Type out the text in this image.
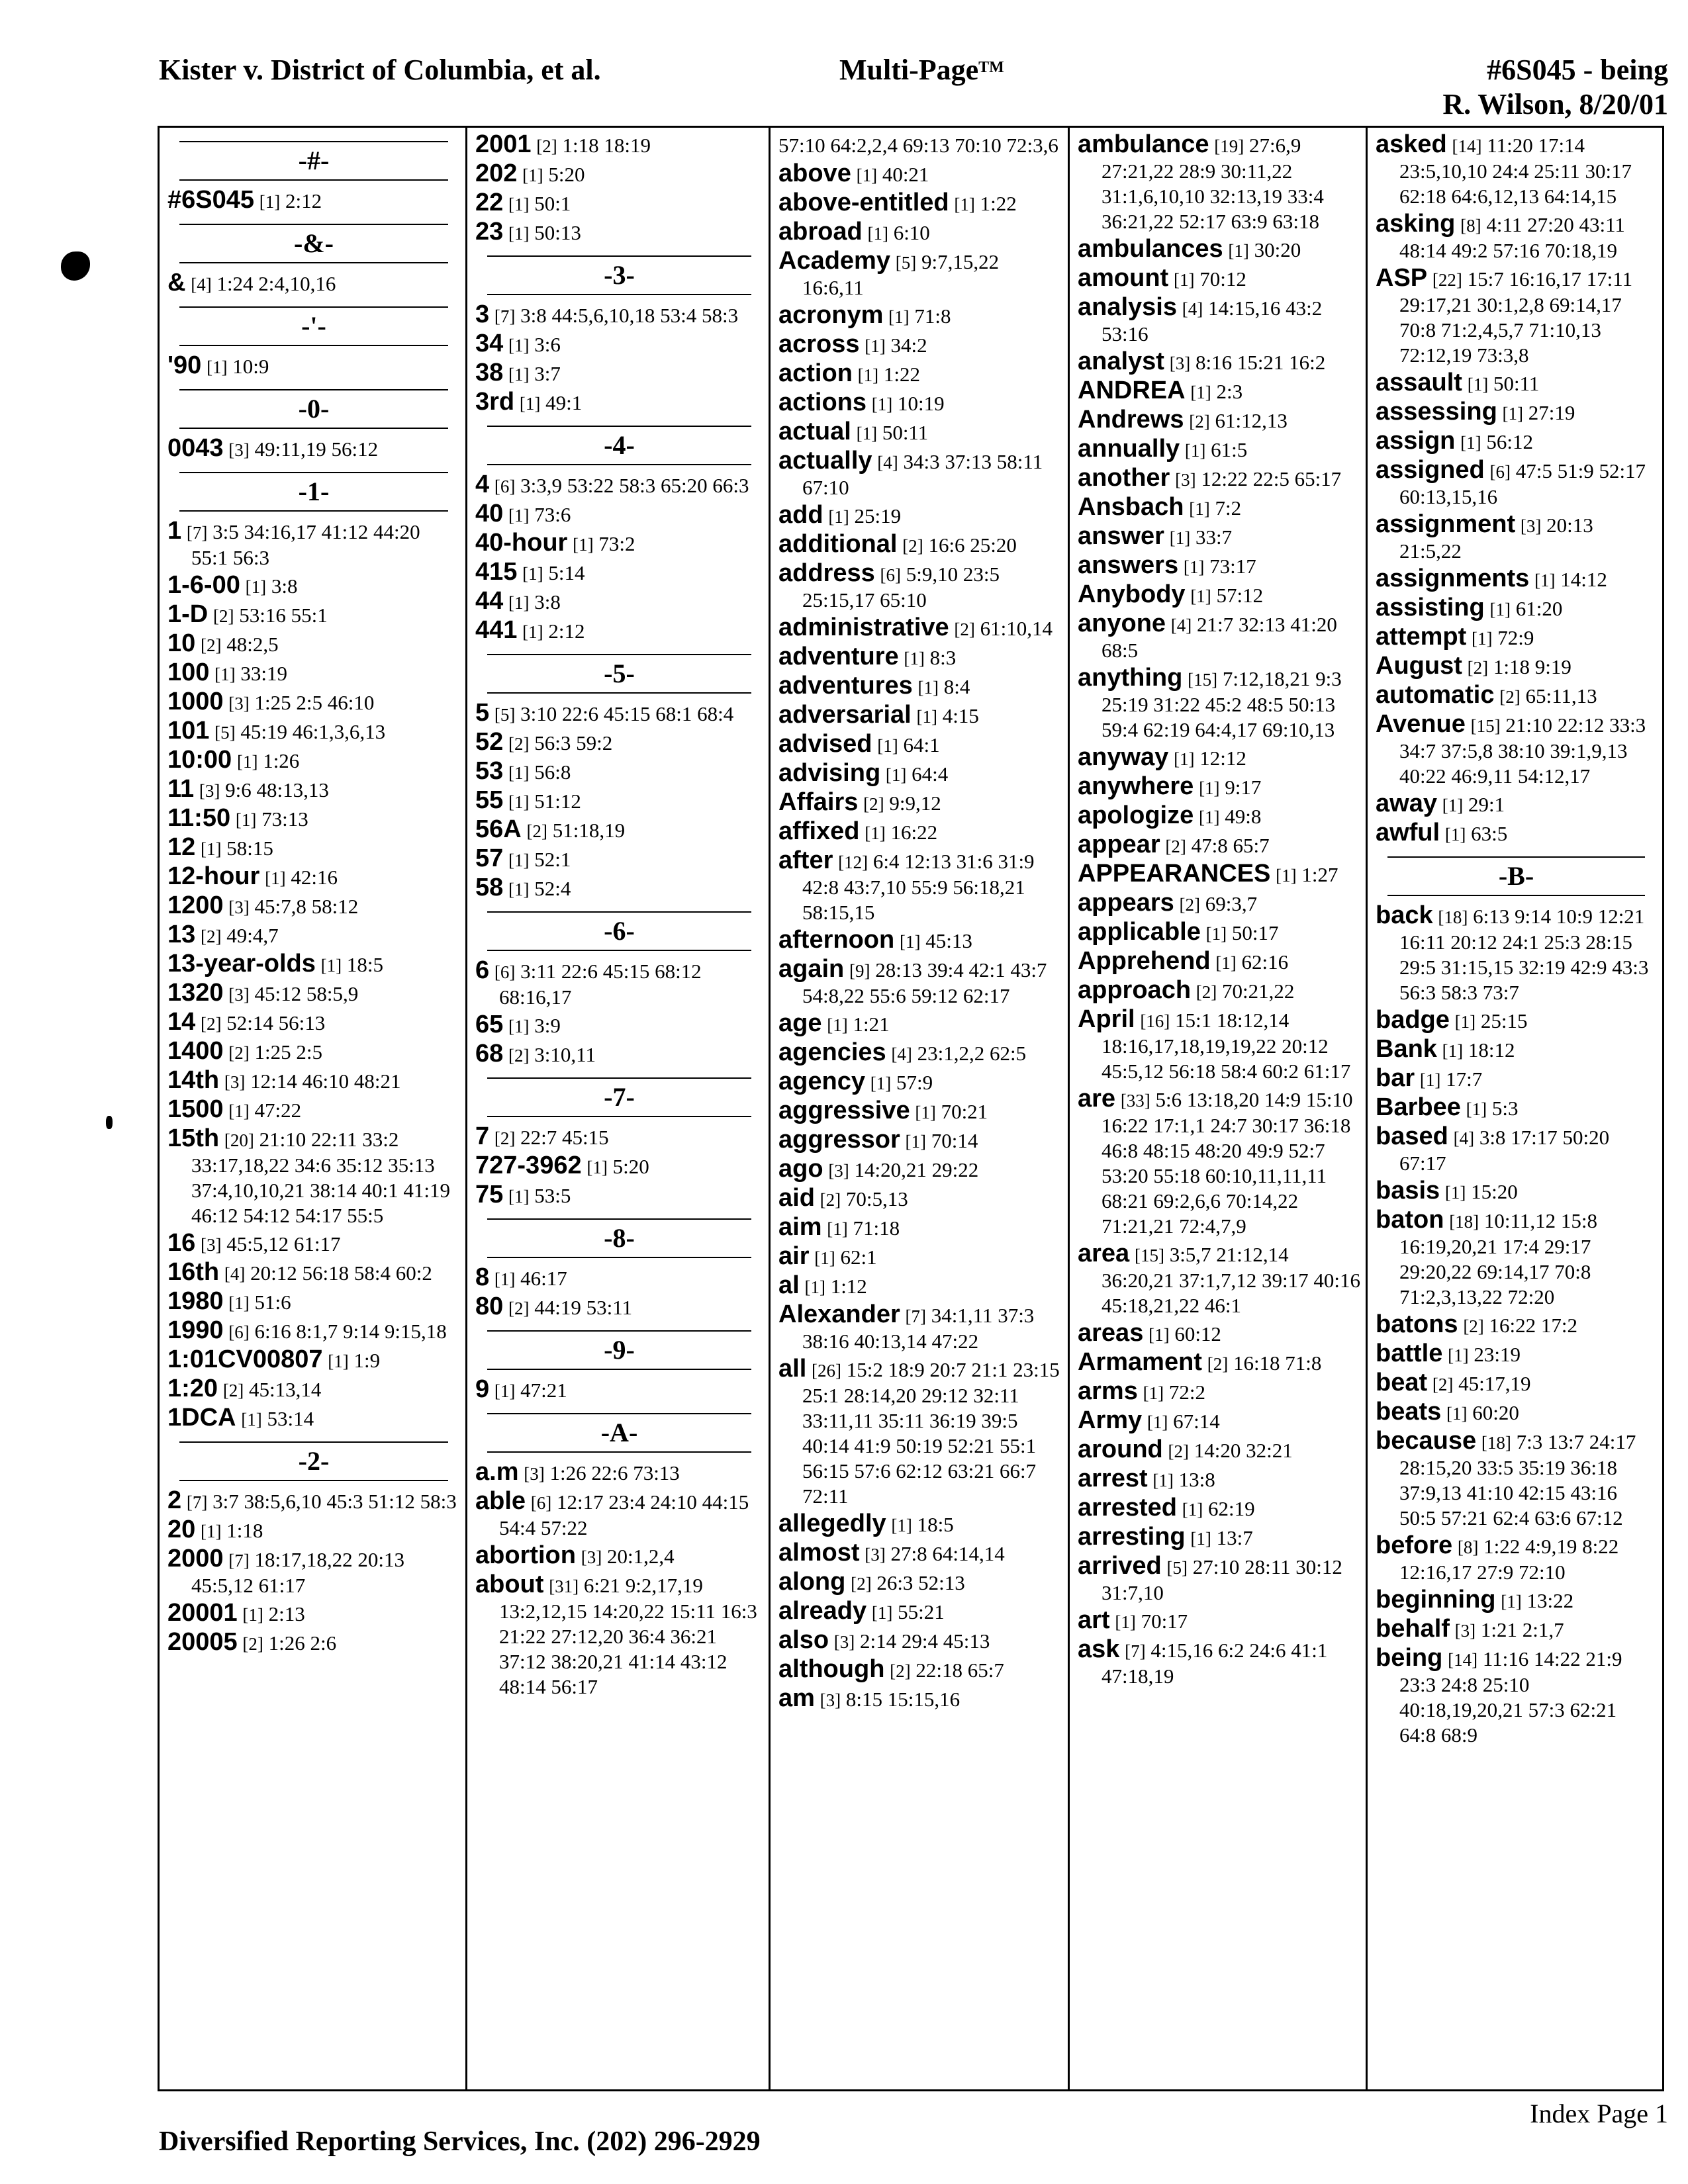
Kister v. District of Columbia, et al.	Multi-Page™	#6S045 - being
R. Wilson, 8/20/01
-#-
#6S045 [1] 2:12
-&-
& [4] 1:24 2:4,10,16
-'-
'90 [1] 10:9
-0-
0043 [3] 49:11,19 56:12
-1-
1 [7] 3:5 34:16,17 41:12 44:20 55:1 56:3
1-6-00 [1] 3:8
1-D [2] 53:16 55:1
10 [2] 48:2,5
100 [1] 33:19
1000 [3] 1:25 2:5 46:10
101 [5] 45:19 46:1,3,6,13
10:00 [1] 1:26
11 [3] 9:6 48:13,13
11:50 [1] 73:13
12 [1] 58:15
12-hour [1] 42:16
1200 [3] 45:7,8 58:12
13 [2] 49:4,7
13-year-olds [1] 18:5
1320 [3] 45:12 58:5,9
14 [2] 52:14 56:13
1400 [2] 1:25 2:5
14th [3] 12:14 46:10 48:21
1500 [1] 47:22
15th [20] 21:10 22:11 33:2 33:17,18,22 34:6 35:12 35:13 37:4,10,10,21 38:14 40:1 41:19 46:12 54:12 54:17 55:5
16 [3] 45:5,12 61:17
16th [4] 20:12 56:18 58:4 60:2
1980 [1] 51:6
1990 [6] 6:16 8:1,7 9:14 9:15,18
1:01CV00807 [1] 1:9
1:20 [2] 45:13,14
1DCA [1] 53:14
-2-
2 [7] 3:7 38:5,6,10 45:3 51:12 58:3
20 [1] 1:18
2000 [7] 18:17,18,22 20:13 45:5,12 61:17
20001 [1] 2:13
20005 [2] 1:26 2:6
2001 [2] 1:18 18:19
202 [1] 5:20
22 [1] 50:1
23 [1] 50:13
-3-
3 [7] 3:8 44:5,6,10,18 53:4 58:3
34 [1] 3:6
38 [1] 3:7
3rd [1] 49:1
-4-
4 [6] 3:3,9 53:22 58:3 65:20 66:3
40 [1] 73:6
40-hour [1] 73:2
415 [1] 5:14
44 [1] 3:8
441 [1] 2:12
-5-
5 [5] 3:10 22:6 45:15 68:1 68:4
52 [2] 56:3 59:2
53 [1] 56:8
55 [1] 51:12
56A [2] 51:18,19
57 [1] 52:1
58 [1] 52:4
-6-
6 [6] 3:11 22:6 45:15 68:12 68:16,17
65 [1] 3:9
68 [2] 3:10,11
-7-
7 [2] 22:7 45:15
727-3962 [1] 5:20
75 [1] 53:5
-8-
8 [1] 46:17
80 [2] 44:19 53:11
-9-
9 [1] 47:21
-A-
a.m [3] 1:26 22:6 73:13
able [6] 12:17 23:4 24:10 44:15 54:4 57:22
abortion [3] 20:1,2,4
about [31] 6:21 9:2,17,19 13:2,12,15 14:20,22 15:11 16:3 21:22 27:12,20 36:4 36:21 37:12 38:20,21 41:14 43:12 48:14 56:17
57:10 64:2,2,4 69:13 70:10 72:3,6
above [1] 40:21
above-entitled [1] 1:22
abroad [1] 6:10
Academy [5] 9:7,15,22 16:6,11
acronym [1] 71:8
across [1] 34:2
action [1] 1:22
actions [1] 10:19
actual [1] 50:11
actually [4] 34:3 37:13 58:11 67:10
add [1] 25:19
additional [2] 16:6 25:20
address [6] 5:9,10 23:5 25:15,17 65:10
administrative [2] 61:10,14
adventure [1] 8:3
adventures [1] 8:4
adversarial [1] 4:15
advised [1] 64:1
advising [1] 64:4
Affairs [2] 9:9,12
affixed [1] 16:22
after [12] 6:4 12:13 31:6 31:9 42:8 43:7,10 55:9 56:18,21 58:15,15
afternoon [1] 45:13
again [9] 28:13 39:4 42:1 43:7 54:8,22 55:6 59:12 62:17
age [1] 1:21
agencies [4] 23:1,2,2 62:5
agency [1] 57:9
aggressive [1] 70:21
aggressor [1] 70:14
ago [3] 14:20,21 29:22
aid [2] 70:5,13
aim [1] 71:18
air [1] 62:1
al [1] 1:12
Alexander [7] 34:1,11 37:3 38:16 40:13,14 47:22
all [26] 15:2 18:9 20:7 21:1 23:15 25:1 28:14,20 29:12 32:11 33:11,11 35:11 36:19 39:5 40:14 41:9 50:19 52:21 55:1 56:15 57:6 62:12 63:21 66:7 72:11
allegedly [1] 18:5
almost [3] 27:8 64:14,14
along [2] 26:3 52:13
already [1] 55:21
also [3] 2:14 29:4 45:13
although [2] 22:18 65:7
am [3] 8:15 15:15,16
ambulance [19] 27:6,9 27:21,22 28:9 30:11,22 31:1,6,10,10 32:13,19 33:4 36:21,22 52:17 63:9 63:18
ambulances [1] 30:20
amount [1] 70:12
analysis [4] 14:15,16 43:2 53:16
analyst [3] 8:16 15:21 16:2
ANDREA [1] 2:3
Andrews [2] 61:12,13
annually [1] 61:5
another [3] 12:22 22:5 65:17
Ansbach [1] 7:2
answer [1] 33:7
answers [1] 73:17
Anybody [1] 57:12
anyone [4] 21:7 32:13 41:20 68:5
anything [15] 7:12,18,21 9:3 25:19 31:22 45:2 48:5 50:13 59:4 62:19 64:4,17 69:10,13
anyway [1] 12:12
anywhere [1] 9:17
apologize [1] 49:8
appear [2] 47:8 65:7
APPEARANCES [1] 1:27
appears [2] 69:3,7
applicable [1] 50:17
Apprehend [1] 62:16
approach [2] 70:21,22
April [16] 15:1 18:12,14 18:16,17,18,19,19,22 20:12 45:5,12 56:18 58:4 60:2 61:17
are [33] 5:6 13:18,20 14:9 15:10 16:22 17:1,1 24:7 30:17 36:18 46:8 48:15 48:20 49:9 52:7 53:20 55:18 60:10,11,11,11 68:21 69:2,6,6 70:14,22 71:21,21 72:4,7,9
area [15] 3:5,7 21:12,14 36:20,21 37:1,7,12 39:17 40:16 45:18,21,22 46:1
areas [1] 60:12
Armament [2] 16:18 71:8
arms [1] 72:2
Army [1] 67:14
around [2] 14:20 32:21
arrest [1] 13:8
arrested [1] 62:19
arresting [1] 13:7
arrived [5] 27:10 28:11 30:12 31:7,10
art [1] 70:17
ask [7] 4:15,16 6:2 24:6 41:1 47:18,19
asked [14] 11:20 17:14 23:5,10,10 24:4 25:11 30:17 62:18 64:6,12,13 64:14,15
asking [8] 4:11 27:20 43:11 48:14 49:2 57:16 70:18,19
ASP [22] 15:7 16:16,17 17:11 29:17,21 30:1,2,8 69:14,17 70:8 71:2,4,5,7 71:10,13 72:12,19 73:3,8
assault [1] 50:11
assessing [1] 27:19
assign [1] 56:12
assigned [6] 47:5 51:9 52:17 60:13,15,16
assignment [3] 20:13 21:5,22
assignments [1] 14:12
assisting [1] 61:20
attempt [1] 72:9
August [2] 1:18 9:19
automatic [2] 65:11,13
Avenue [15] 21:10 22:12 33:3 34:7 37:5,8 38:10 39:1,9,13 40:22 46:9,11 54:12,17
away [1] 29:1
awful [1] 63:5
-B-
back [18] 6:13 9:14 10:9 12:21 16:11 20:12 24:1 25:3 28:15 29:5 31:15,15 32:19 42:9 43:3 56:3 58:3 73:7
badge [1] 25:15
Bank [1] 18:12
bar [1] 17:7
Barbee [1] 5:3
based [4] 3:8 17:17 50:20 67:17
basis [1] 15:20
baton [18] 10:11,12 15:8 16:19,20,21 17:4 29:17 29:20,22 69:14,17 70:8 71:2,3,13,22 72:20
batons [2] 16:22 17:2
battle [1] 23:19
beat [2] 45:17,19
beats [1] 60:20
because [18] 7:3 13:7 24:17 28:15,20 33:5 35:19 36:18 37:9,13 41:10 42:15 43:16 50:5 57:21 62:4 63:6 67:12
before [8] 1:22 4:9,19 8:22 12:16,17 27:9 72:10
beginning [1] 13:22
behalf [3] 1:21 2:1,7
being [14] 11:16 14:22 21:9 23:3 24:8 25:10 40:18,19,20,21 57:3 62:21 64:8 68:9
Index Page 1
Diversified Reporting Services, Inc. (202) 296-2929
